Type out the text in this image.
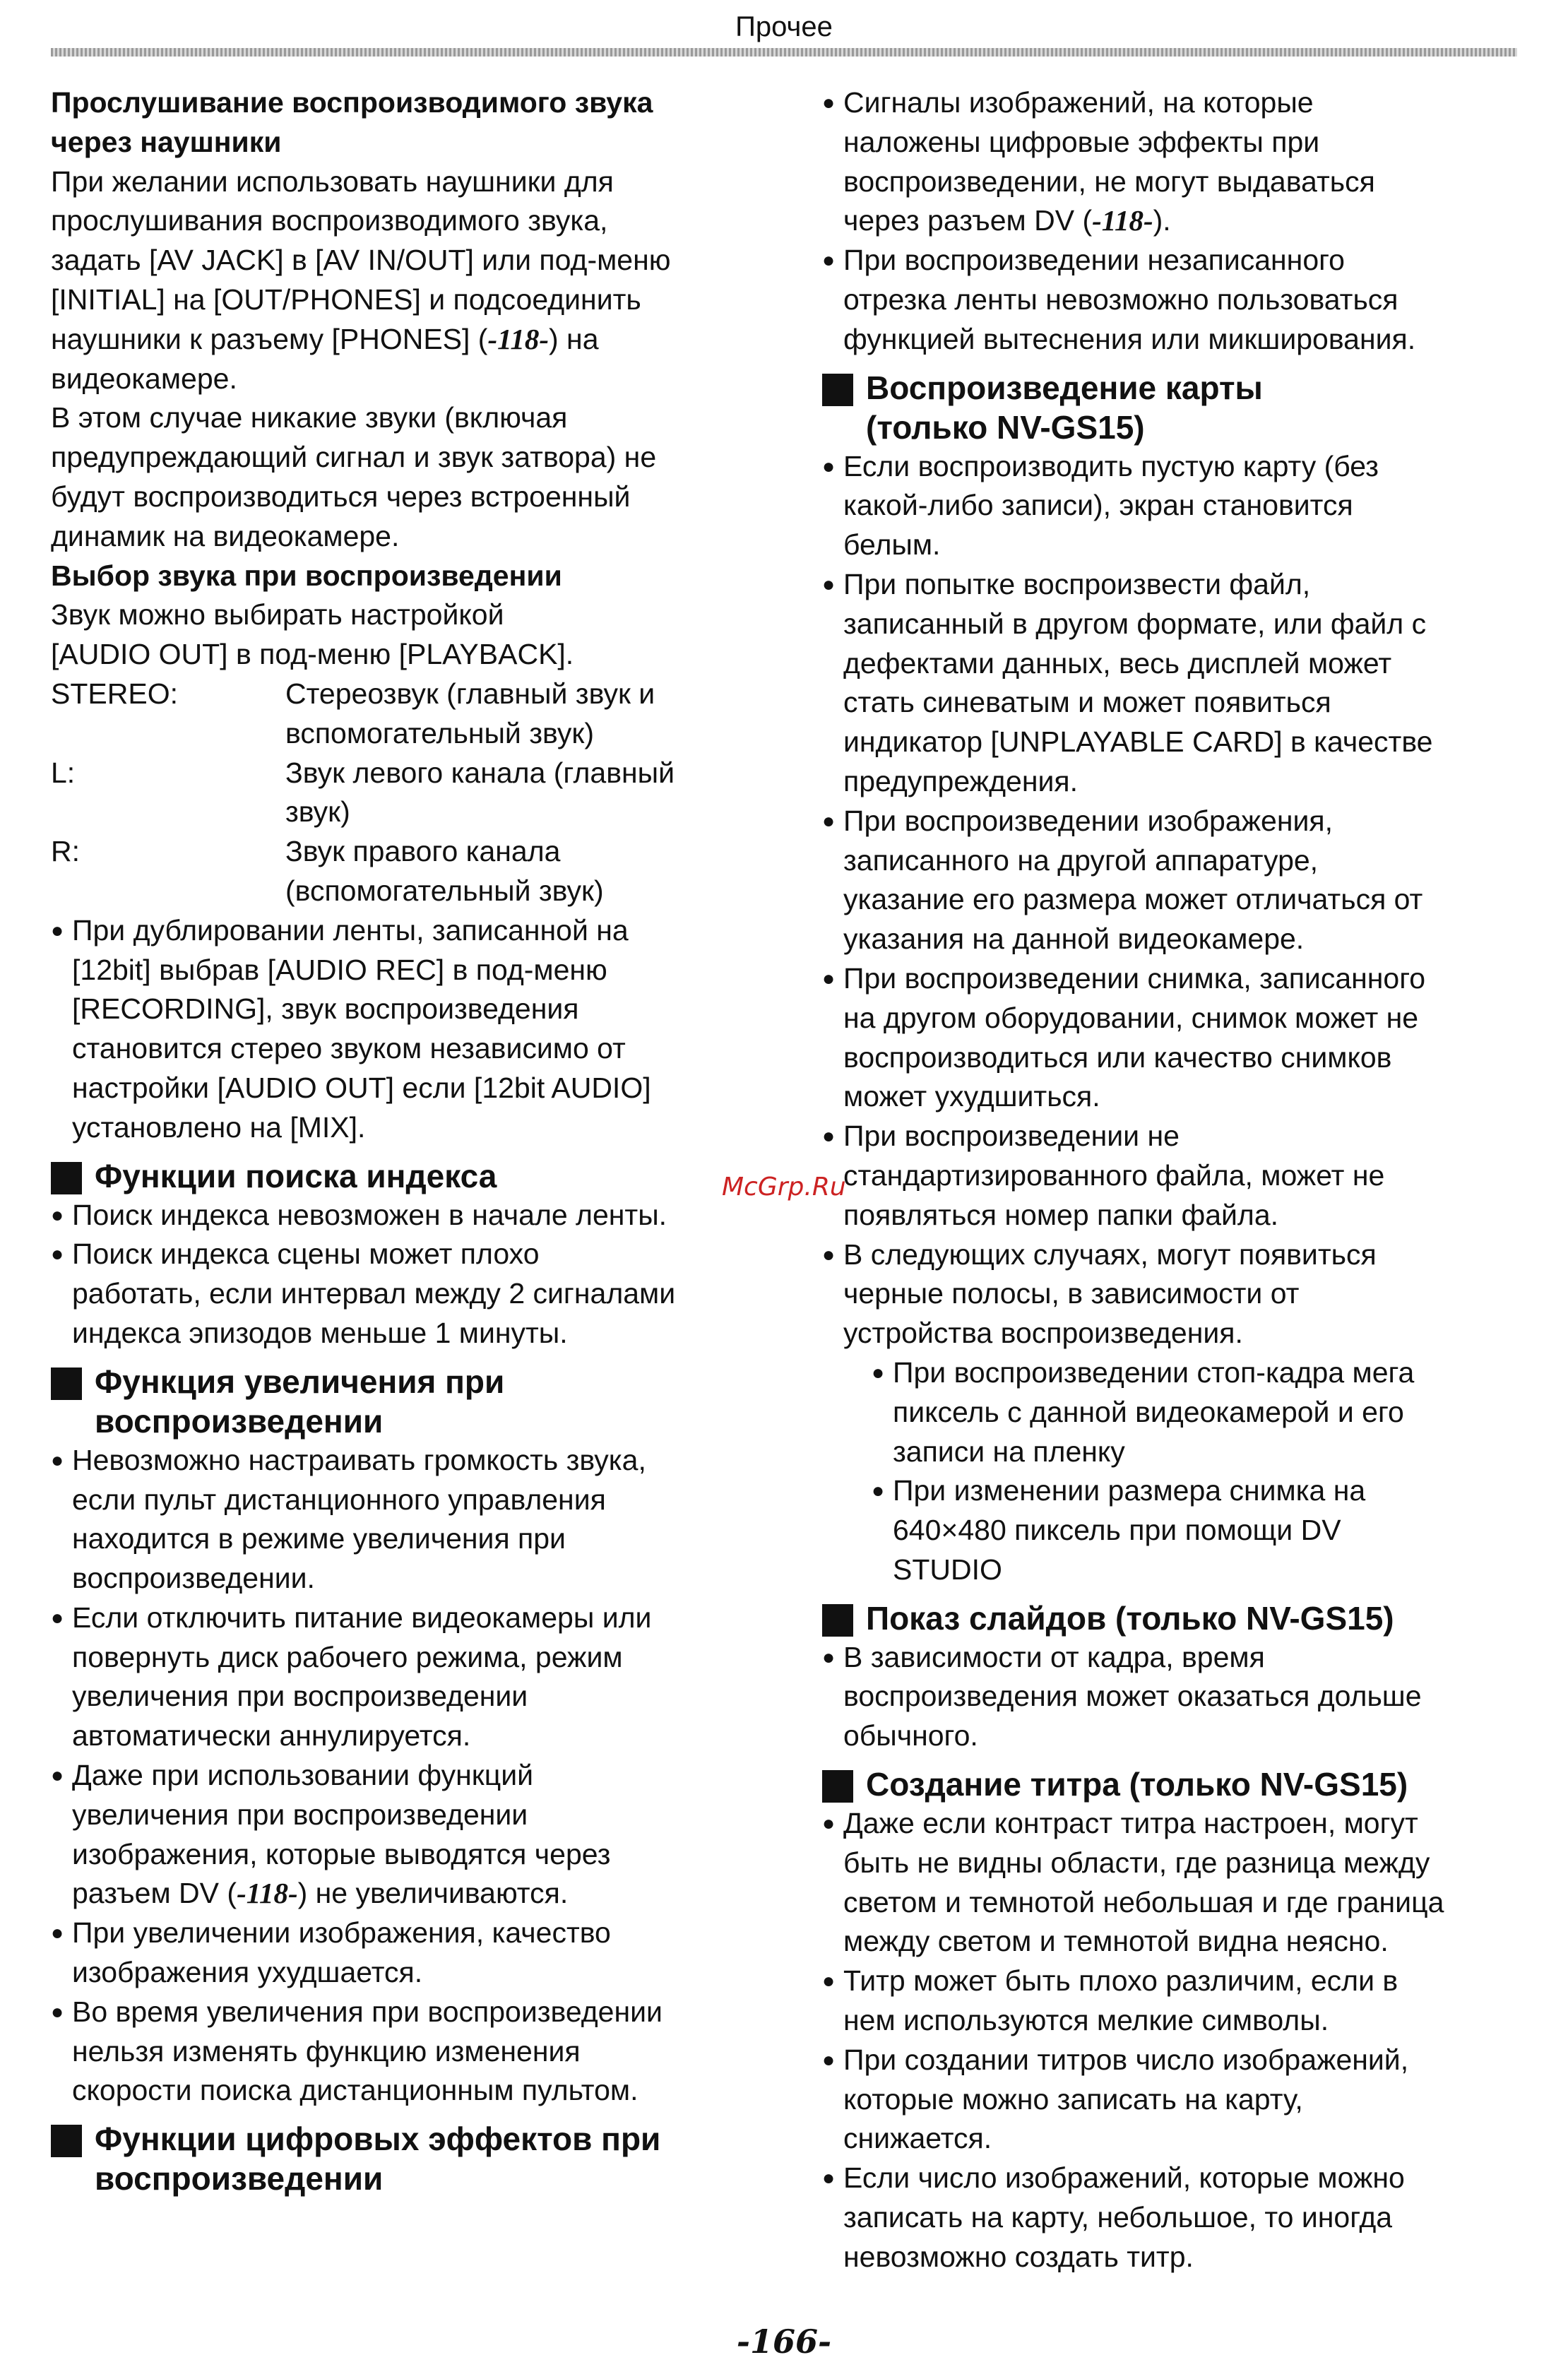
Прочее
Прослушивание воспроизводимого звука
через наушники
При желании использовать наушники для
прослушивания воспроизводимого звука,
задать [AV JACK] в [AV IN/OUT] или под-меню
[INITIAL] на [OUT/PHONES] и подсоединить
наушники к разъему [PHONES] (-118-) на
видеокамере.
В этом случае никакие звуки (включая
предупреждающий сигнал и звук затвора) не
будут воспроизводиться через встроенный
динамик на видеокамере.
Выбор звука при воспроизведении
Звук можно выбирать настройкой
[AUDIO OUT] в под-меню [PLAYBACK].
STEREO:	Стереозвук (главный звук и
вспомогательный звук)
L:	Звук левого канала (главный
звук)
R:	Звук правого канала
(вспомогательный звук)
● При дублировании ленты, записанной на
[12bit] выбрав [AUDIO REC] в под-меню
[RECORDING], звук воспроизведения
становится стерео звуком независимо от
настройки [AUDIO OUT] если [12bit AUDIO]
установлено на [MIX].
Функции поиска индекса
● Поиск индекса невозможен в начале ленты.
● Поиск индекса сцены может плохо
работать, если интервал между 2 сигналами
индекса эпизодов меньше 1 минуты.
Функция увеличения при
воспроизведении
● Невозможно настраивать громкость звука,
если пульт дистанционного управления
находится в режиме увеличения при
воспроизведении.
● Если отключить питание видеокамеры или
повернуть диск рабочего режима, режим
увеличения при воспроизведении
автоматически аннулируется.
● Даже при использовании функций
увеличения при воспроизведении
изображения, которые выводятся через
разъем DV (-118-) не увеличиваются.
● При увеличении изображения, качество
изображения ухудшается.
● Во время увеличения при воспроизведении
нельзя изменять функцию изменения
скорости поиска дистанционным пультом.
Функции цифровых эффектов при
воспроизведении
● Сигналы изображений, на которые
наложены цифровые эффекты при
воспроизведении, не могут выдаваться
через разъем DV (-118-).
● При воспроизведении незаписанного
отрезка ленты невозможно пользоваться
функцией вытеснения или микширования.
Воспроизведение карты
(только NV-GS15)
● Если воспроизводить пустую карту (без
какой-либо записи), экран становится
белым.
● При попытке воспроизвести файл,
записанный в другом формате, или файл с
дефектами данных, весь дисплей может
стать синеватым и может появиться
индикатор [UNPLAYABLE CARD] в качестве
предупреждения.
● При воспроизведении изображения,
записанного на другой аппаратуре,
указание его размера может отличаться от
указания на данной видеокамере.
● При воспроизведении снимка, записанного
на другом оборудовании, снимок может не
воспроизводиться или качество снимков
может ухудшиться.
● При воспроизведении не
стандартизированного файла, может не
появляться номер папки файла.
● В следующих случаях, могут появиться
черные полосы, в зависимости от
устройства воспроизведения.
● При воспроизведении стоп-кадра мега
пиксель с данной видеокамерой и его
записи на пленку
● При изменении размера снимка на
640×480 пиксель при помощи DV
STUDIO
Показ слайдов (только NV-GS15)
● В зависимости от кадра, время
воспроизведения может оказаться дольше
обычного.
Создание титра (только NV-GS15)
● Даже если контраст титра настроен, могут
быть не видны области, где разница между
светом и темнотой небольшая и где граница
между светом и темнотой видна неясно.
● Титр может быть плохо различим, если в
нем используются мелкие символы.
● При создании титров число изображений,
которые можно записать на карту,
снижается.
● Если число изображений, которые можно
записать на карту, небольшое, то иногда
невозможно создать титр.
McGrp.Ru
-166-
